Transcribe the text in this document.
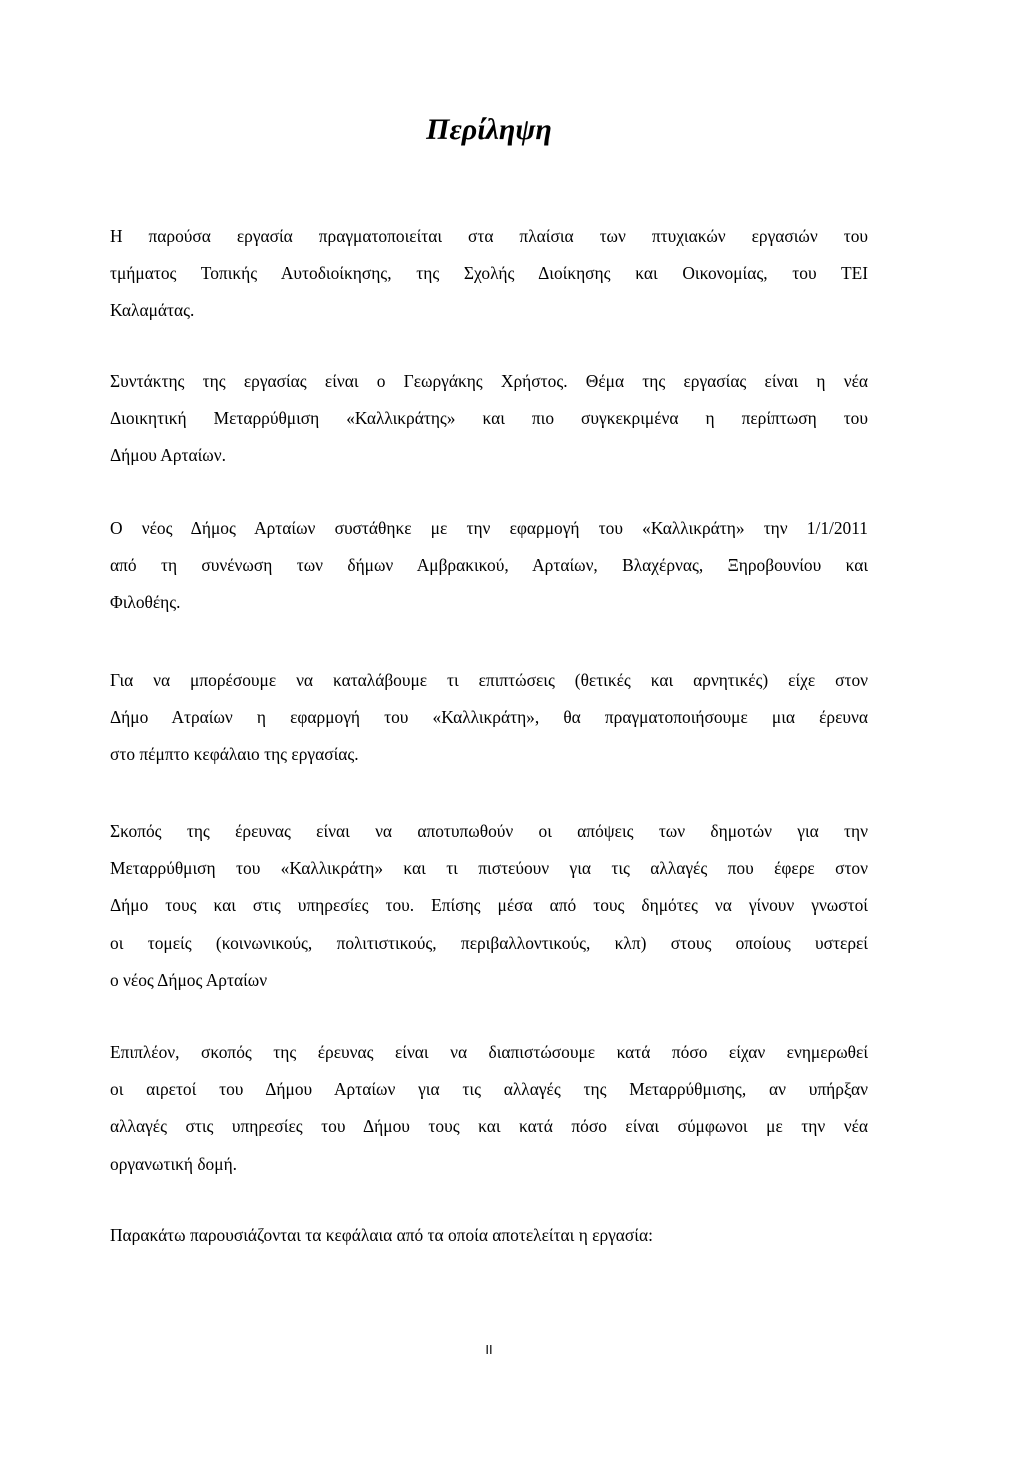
Περίληψη

Η παρούσα εργασία πραγματοποιείται στα πλαίσια των πτυχιακών εργασιών του
τμήματος Τοπικής Αυτοδιοίκησης, της Σχολής Διοίκησης και Οικονομίας, του ΤΕΙ
Καλαμάτας.

Συντάκτης της εργασίας είναι ο Γεωργάκης Χρήστος. Θέμα της εργασίας είναι η νέα
Διοικητική Μεταρρύθμιση «Καλλικράτης» και πιο συγκεκριμένα η περίπτωση του
Δήμου Αρταίων.

Ο νέος Δήμος Αρταίων συστάθηκε με την εφαρμογή του «Καλλικράτη» την 1/1/2011
από τη συνένωση των δήμων Αμβρακικού, Αρταίων, Βλαχέρνας, Ξηροβουνίου και
Φιλοθέης.

Για να μπορέσουμε να καταλάβουμε τι επιπτώσεις (θετικές και αρνητικές) είχε στον
Δήμο Ατραίων η εφαρμογή του «Καλλικράτη», θα πραγματοποιήσουμε μια έρευνα
στο πέμπτο κεφάλαιο της εργασίας.

Σκοπός της έρευνας είναι να αποτυπωθούν οι απόψεις των δημοτών για την
Μεταρρύθμιση του «Καλλικράτη» και τι πιστεύουν για τις αλλαγές που έφερε στον
Δήμο τους και στις υπηρεσίες του. Επίσης μέσα από τους δημότες να γίνουν γνωστοί
οι τομείς (κοινωνικούς, πολιτιστικούς, περιβαλλοντικούς, κλπ) στους οποίους υστερεί
ο νέος Δήμος Αρταίων

Επιπλέον, σκοπός της έρευνας είναι να διαπιστώσουμε κατά πόσο είχαν ενημερωθεί
οι αιρετοί του Δήμου Αρταίων για τις αλλαγές της Μεταρρύθμισης, αν υπήρξαν
αλλαγές στις υπηρεσίες του Δήμου τους και κατά πόσο είναι σύμφωνοι με την νέα
οργανωτική δομή.

Παρακάτω παρουσιάζονται τα κεφάλαια από τα οποία αποτελείται η εργασία:

ΙΙ
